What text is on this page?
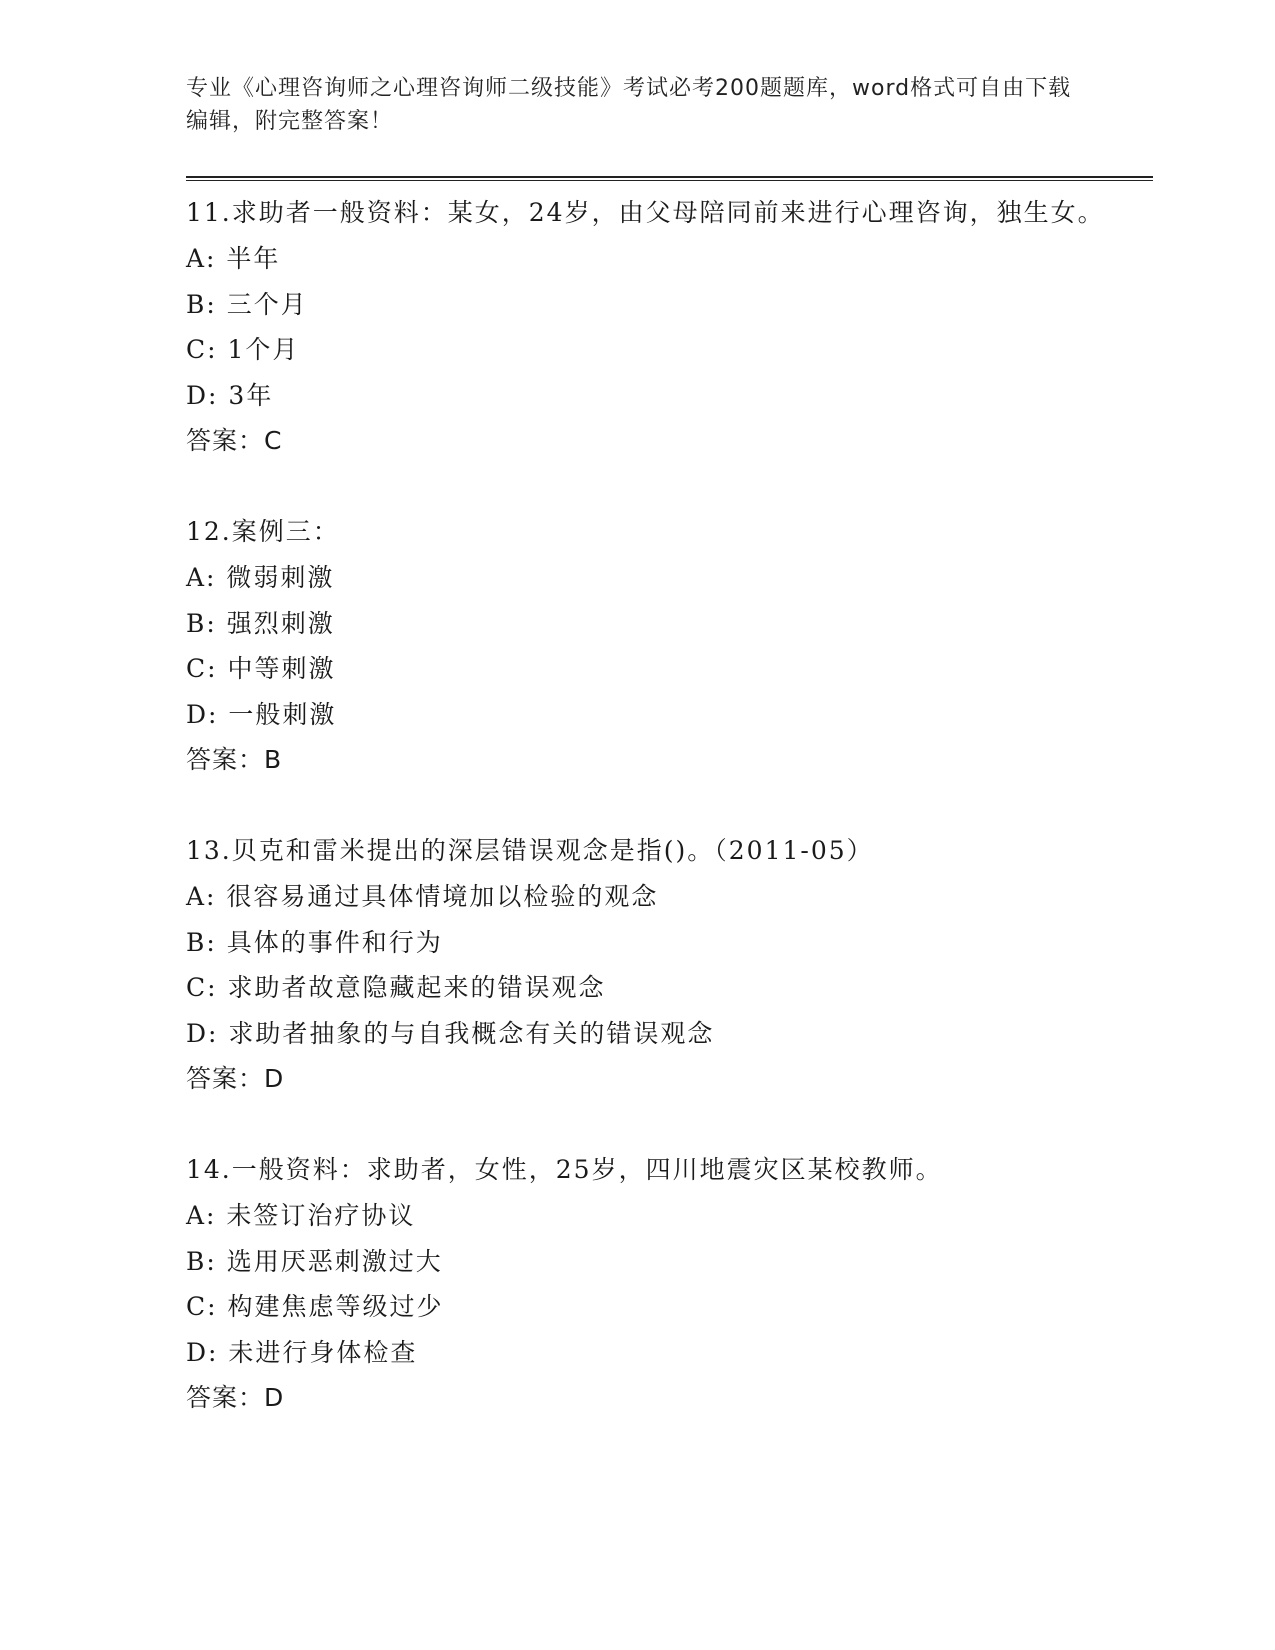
专业《心理咨询师之心理咨询师二级技能》考试必考200题题库，word格式可自由下载编辑，附完整答案！
11.求助者一般资料：某女，24岁，由父母陪同前来进行心理咨询，独生女。
A: 半年
B: 三个月
C: 1个月
D: 3年
答案：C
12.案例三：
A: 微弱刺激
B: 强烈刺激
C: 中等刺激
D: 一般刺激
答案：B
13.贝克和雷米提出的深层错误观念是指()。（2011-05）
A: 很容易通过具体情境加以检验的观念
B: 具体的事件和行为
C: 求助者故意隐藏起来的错误观念
D: 求助者抽象的与自我概念有关的错误观念
答案：D
14.一般资料：求助者，女性，25岁，四川地震灾区某校教师。
A: 未签订治疗协议
B: 选用厌恶刺激过大
C: 构建焦虑等级过少
D: 未进行身体检查
答案：D
